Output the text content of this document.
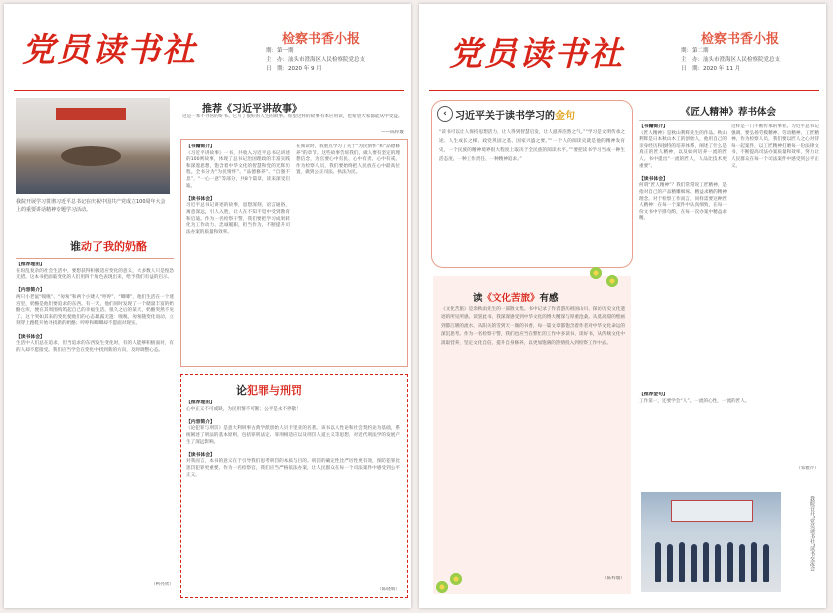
党员读书社	检察书香小报
期：第一期
主　办：汕头市澄海区人民检察院党总支
日　期：2020 年 9 月
我院开展学习贯彻习近平总书记在庆祝中国共产党成立100周年大会上的重要讲话精神专题学习活动。
推荐《习近平讲故事》
这是一本不寻常的好书。它写了很好的人生的故事。希望这样的故事有本应用读，也希望大家都能从中受益。
——陈梓璇
【书籍简介】
《习近平讲故事》一书，共收入习近平总书记讲述的100则故事，体现了总书记治国理政的丰富实践和深邃思想，饱含着中华文化的智慧和党的光辉历程。全书分为“为民情怀”、“品德修养”、“自强不息”、“一心一意”等部分，共8个篇章，读来深受启迪。

【读书体会】
习近平总书记讲述的故事，思想深刻，语言通俗，寓意深远，引人入胜，让人在不知不觉中受到教育和启迪。作为一名检察干警，我们要把学习成果转化为工作动力，忠诚履职，担当作为，不断提升司法办案的质量和效率。
在阅读时，我重点学习了关于“为民情怀”和“品德修养”的章节。这些故事告诉我们，做人要有坚定的理想信念，为官要心中有民、心中有责、心中有戒。作为检察人员，我们要始终把人民放在心中最高位置，做到公正司法、执法为民。
谁动了我的奶酪
【推荐理由】
在纷乱复杂的社会生活中，要想获得积极适应变化的意义，大多数人只是惶恐无措。这本书把面临变化的人们用四个角色表现出来，给予我们有益的启示。

【内容简介】
两只小老鼠“嗅嗅”、“匆匆”和两个小矮人“哼哼”、“唧唧”，他们生活在一个迷宫里，奶酪是他们要追求的东西。有一天，他们同时发现了一个储量丰富的奶酪仓库，便在其周围构筑起自己的幸福生活。很久之后的某天，奶酪突然不见了。这个突如其来的变化使他们的心态暴露无遗：嗅嗅、匆匆随变化而动，立刻穿上跑鞋开始寻找新的奶酪；哼哼和唧唧却不愿面对现实。

【读书体会】
生活中人们总在追求，但当追求的东西发生变化时，有的人能够积极面对，有的人却不愿接受。我们应当学会在变化中找到新的方向，及时调整心态。
（柯亮欣）
论犯罪与刑罚
【推荐理由】
心中正义不可或缺，为民用情不可断；公平是永不停歇！

【内容简介】
《论犯罪与刑罚》是意大利刑事古典学派创始人贝卡里亚的名著。该书以人性论和社会契约论为基础，系统阐述了刑法的基本原则，包括罪刑法定、罪刑相适应以及刑罚人道主义等思想，对近代刑法学的发展产生了深远影响。

【读书体会】
对我而言，本书的意义在于引导我们思考刑罚的本质与目的。刑罚的确定性比严厉性更有效，预防犯罪比惩罚犯罪更重要。作为一名检察官，我们应当严格依法办案，让人民群众在每一个司法案件中感受到公平正义。
（陈晓娟）
党员读书社	检察书香小报
期：第二期
主　办：汕头市澄海区人民检察院党总支
日　期：2020 年 11 月
‹ 习近平关于读书学习的金句
“读书可以让人保持思想活力，让人得到智慧启发，让人滋养浩然之气。”“学习是文明传承之途、人生成长之梯、政党巩固之基、国家兴盛之要。”“一个人的阅读史就是他的精神发育史，一个民族的精神境界很大程度上取决于全民族的阅读水平。”“要把读书学习当成一种生活态度、一种工作责任、一种精神追求。”
读《文化苦旅》有感
《文化苦旅》是余秋雨先生的一部散文集。书中记录了作者游历祖国山川、探访历史文化遗迹的所见所感。读罢此书，我深深感受到中华文化的博大精深与厚重沧桑。从莫高窟的壁画到都江堰的流水，从阳关的雪到天一阁的书香，每一篇文章都饱含着作者对中华文化命运的深沉思考。作为一名检察干警，我们也应当在繁忙的工作中多读书、读好书，从传统文化中汲取营养，坚定文化自信，提升自身修养，以更加饱满的热情投入到检察工作中去。
（陈梓璇）
《匠人精神》荐书体会
【书籍简介】
《匠人精神》是秋山利辉先生的作品。秋山利辉是日本秋山木工的创始人，他用自己的亲身经历和独特的培养体系，阐述了什么是真正的匠人精神，以及如何培养一流的匠人。书中提出“一流的匠人，人品比技术更重要”。

【读书体会】
何谓“匠人精神”？我们常常说工匠精神，是指对自己的产品精雕细琢、精益求精的精神理念。对于检察工作而言，同样需要这种匠人精神：在每一个案件中认真细致，在每一份文书中字斟句酌，在每一次办案中精益求精。
这样是一门不断传承的事业。习近平总书记强调，要弘扬劳模精神、劳动精神、工匠精神。作为检察人员，我们要以匠人之心对待每一起案件，以工匠精神打磨每一份法律文书，不断提高司法办案质量和效率，努力让人民群众在每一个司法案件中感受到公平正义。
【推荐金句】
工作第一，还要学会“人”。一流的心性，一流的匠人。
（邹雅芹）
我院召开“党员读书社”读书交流会
